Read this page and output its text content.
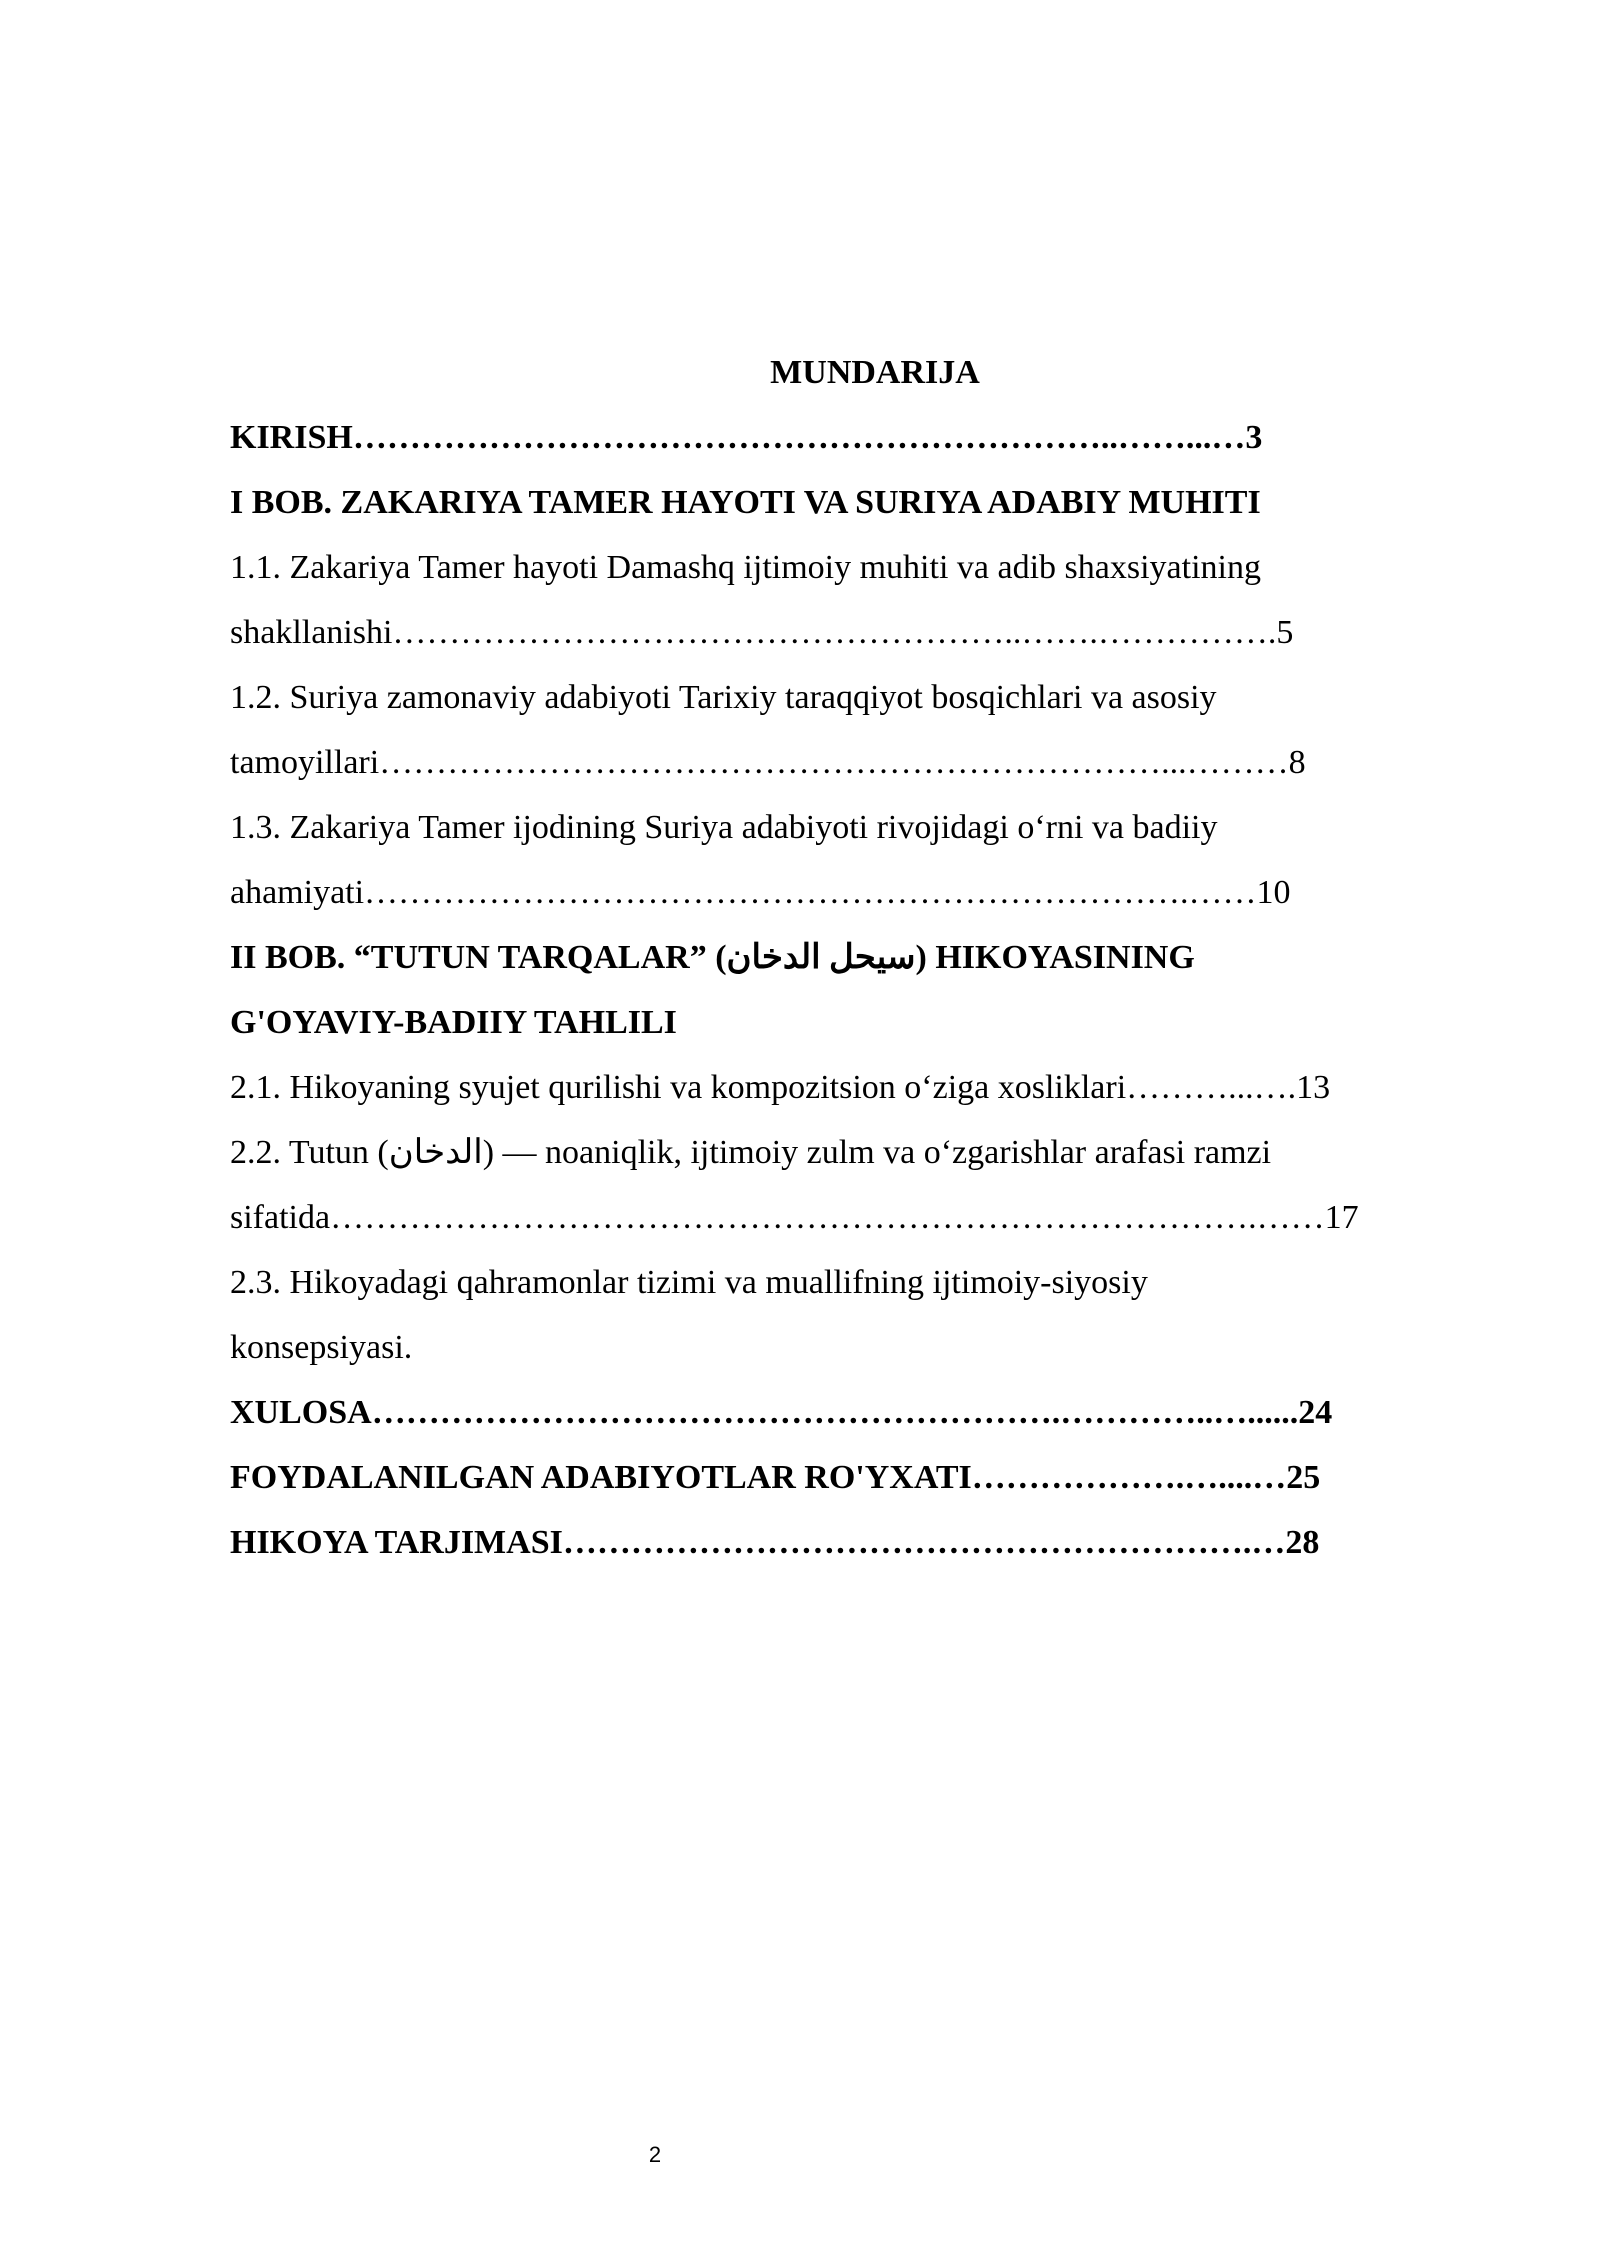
MUNDARIJA
KIRISH…………………………………………………………..……...…3
I BOB. ZAKARIYA TAMER HAYOTI VA SURIYA ADABIY MUHITI
1.1. Zakariya Tamer hayoti Damashq ijtimoiy muhiti va adib shaxsiyatining
shakllanishi………………………………………………..…….…………….5
1.2. Suriya zamonaviy adabiyoti Tarixiy taraqqiyot bosqichlari va asosiy
tamoyillari……………………………………………………………...………8
1.3. Zakariya Tamer ijodining Suriya adabiyoti rivojidagi o‘rni va badiiy
ahamiyati……………………………………………………………….……10
II BOB. “TUTUN TARQALAR” (سيحل الدخان) HIKOYASINING
G'OYAVIY-BADIIY TAHLILI
2.1. Hikoyaning syujet qurilishi va kompozitsion o‘ziga xosliklari………...….13
2.2. Tutun (الدخان) — noaniqlik, ijtimoiy zulm va o‘zgarishlar arafasi ramzi
sifatida……………………………………………………………………….……17
2.3. Hikoyadagi qahramonlar tizimi va muallifning ijtimoiy-siyosiy
konsepsiyasi.
XULOSA…………………………………………………….…………..…......24
FOYDALANILGAN ADABIYOTLAR RO'YXATI……………….…....…25
HIKOYA TARJIMASI…………………………………………………….…28
2
